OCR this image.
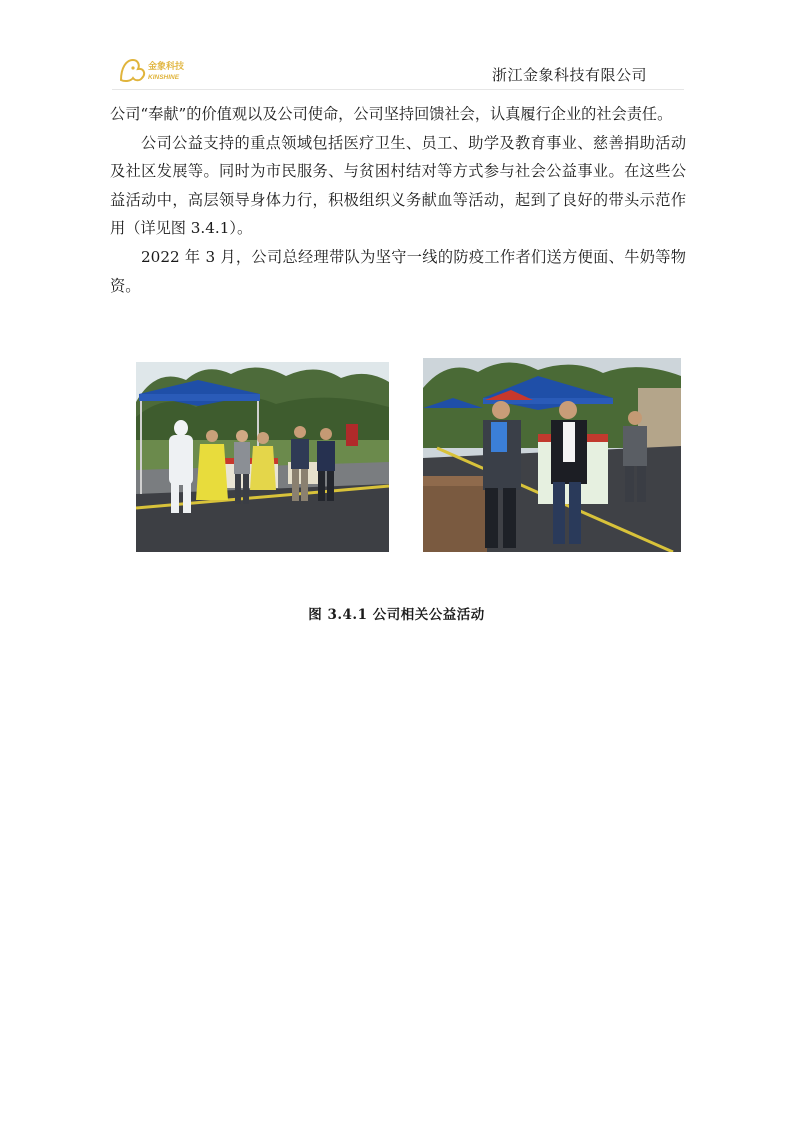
金象科技
KINSHINE	浙江金象科技有限公司

公司“奉献”的价值观以及公司使命，公司坚持回馈社会，认真履行企业的社会责任。

公司公益支持的重点领域包括医疗卫生、员工、助学及教育事业、慈善捐助活动及社区发展等。同时为市民服务、与贫困村结对等方式参与社会公益事业。在这些公益活动中，高层领导身体力行，积极组织义务献血等活动，起到了良好的带头示范作用（详见图 3.4.1）。

2022 年 3 月，公司总经理带队为坚守一线的防疫工作者们送方便面、牛奶等物资。

图 3.4.1 公司相关公益活动
